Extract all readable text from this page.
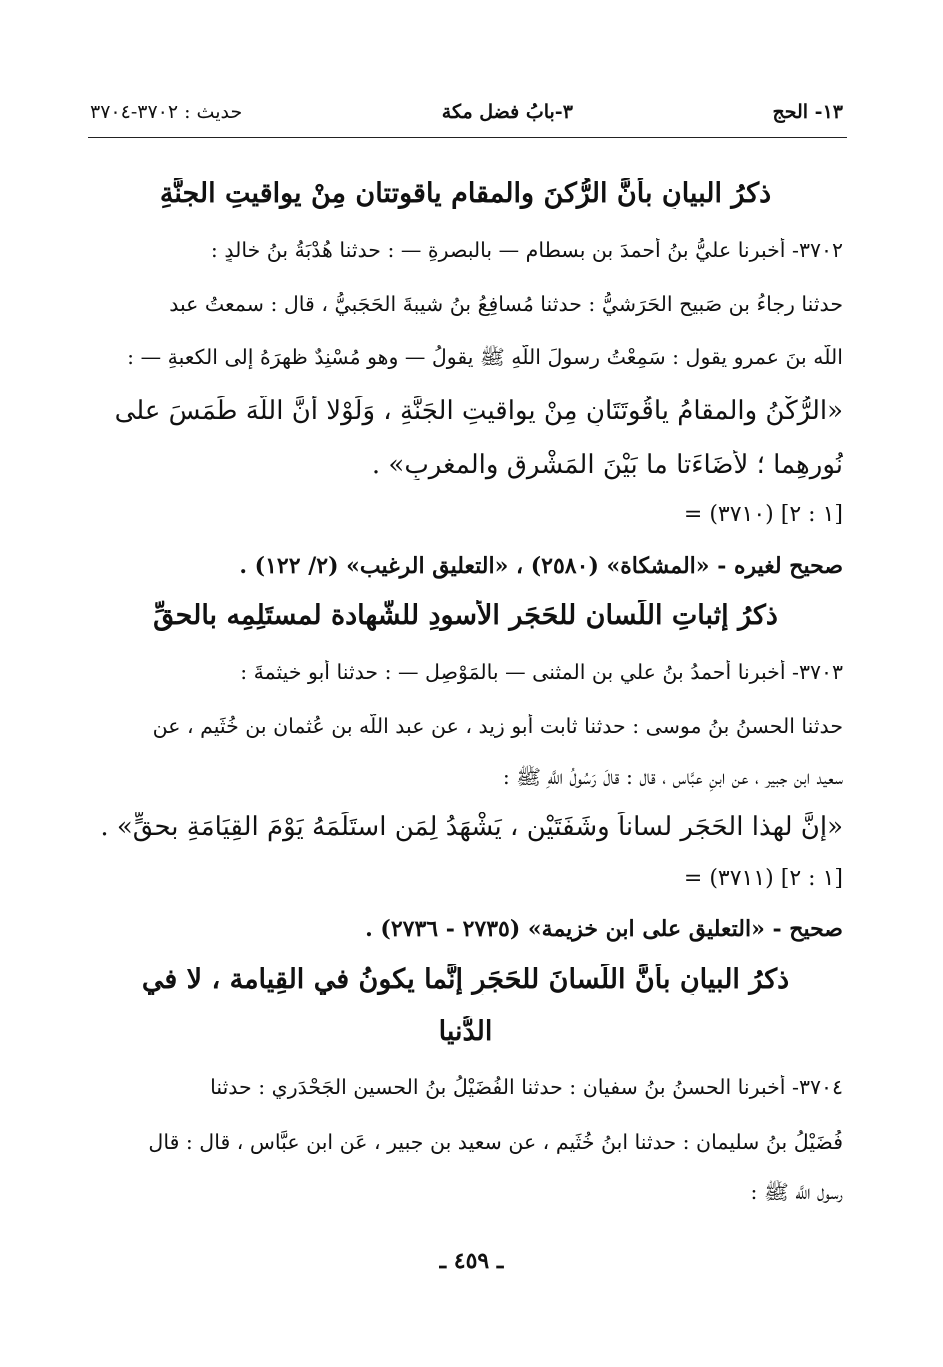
١٣- الحج
٣-بابُ فضل مكة
حديث : ٣٧٠٢-٣٧٠٤
ذكرُ البيانِ بأنَّ الرُّكنَ والمقام ياقوتتان مِنْ يواقيتِ الجنَّةِ
٣٧٠٢- أخبرنا عليُّ بنُ أحمدَ بنِ بسطام — بالبصرةِ — : حدثنا هُدْبَةُ بنُ خالدٍ :
حدثنا رجاءُ بن صَبيحٍ الحَرَشيُّ : حدثنا مُسافِعُ بنُ شيبةَ الحَجَبيُّ ، قال : سمعتُ عبد
اللَّه بنَ عمرو يقول : سَمِعْتُ رسولَ اللَّهِ ﷺ يقولُ — وهو مُسْنِدٌ ظهرَهُ إلى الكعبةِ — :
«الرُّكْنُ والمقامُ ياقُوتَتَانِ مِنْ يواقيتِ الجَنَّةِ ، وَلَوْلا أَنَّ اللَّهَ طَمَسَ على
نُورِهِما ؛ لأَضَاءَتا ما بَيْنَ المَشْرِقِ والمغربِ» .
= (٣٧١٠) [١ : ٢]
صحيح لغيره - «المشكاة» (٢٥٨٠) ، «التعليق الرغيب» (٢/ ١٢٢) .
ذكرُ إثباتِ اللِّسان للحَجَر الأسودِ للشَّهادة لمستَلِمِه بالحقِّ
٣٧٠٣- أخبرنا أحمدُ بنُ علي بن المثنى — بالمَوْصِلِ — : حدثنا أبو خيثمةَ :
حدثنا الحسنُ بنُ موسى : حدثنا ثابت أبو زيد ، عن عبد اللَّه بنِ عُثمان بنِ خُثَيم ، عن
سعيد ابن جبير ، عن ابنِ عبَّاس ، قال : قالَ رَسُولُ اللَّهِ ﷺ :
«إنَّ لهذا الحَجَرِ لساناً وشَفَتَيْنِ ، يَشْهَدُ لِمَنِ استَلَمَهُ يَوْمَ القِيَامَةِ بحقٍّ» .
= (٣٧١١) [١ : ٢]
صحيح - «التعليق على ابن خزيمة» (٢٧٣٥ - ٢٧٣٦) .
ذكرُ البيانِ بأنَّ اللِّسانَ للحَجَرِ إنَّما يكونُ في القِيامة ، لا في
الدُّنيا
٣٧٠٤- أخبرنا الحسنُ بنُ سفيان : حدثنا الفُضَيْلُ بنُ الحسين الجَحْدَري : حدثنا
فُضَيْلُ بنُ سليمان : حدثنا ابنُ خُثَيم ، عن سعيد بن جبير ، عَنِ ابنِ عبَّاس ، قال : قال
رسول اللَّه ﷺ :
ـ ٤٥٩ ـ
